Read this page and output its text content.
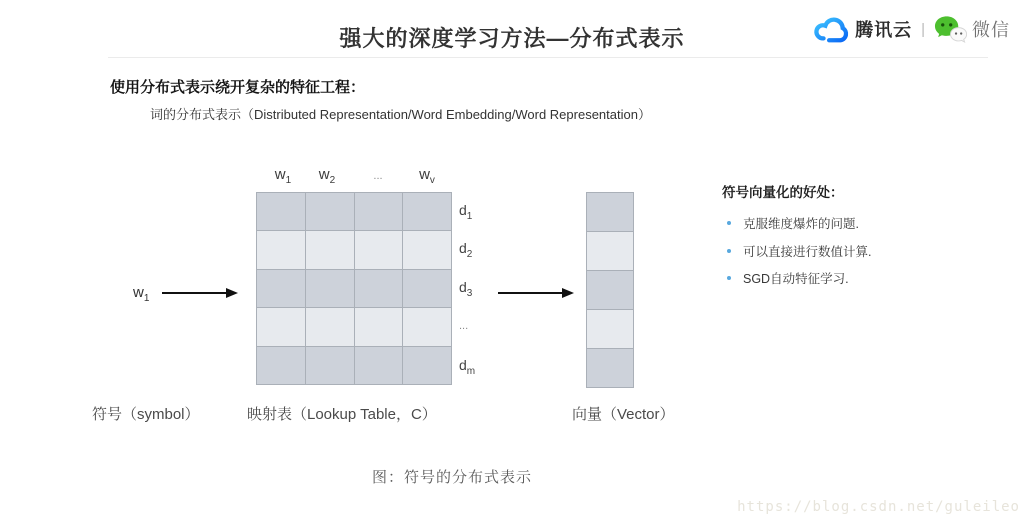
强大的深度学习方法—分布式表示	腾讯云 |	微信
使用分布式表示绕开复杂的特征工程：
词的分布式表示（Distributed Representation/Word Embedding/Word Representation）
$w_1$ $w_2$	... $w_v$
$w_1$
$d_1$
$d_2$
$d_3$
...
$d_m$
符号（symbol）	映射表（Lookup Table，C）	向量（Vector）
符号向量化的好处：
克服维度爆炸的问题.
可以直接进行数值计算.
SGD自动特征学习.
图：符号的分布式表示
https://blog.csdn.net/guleileo
